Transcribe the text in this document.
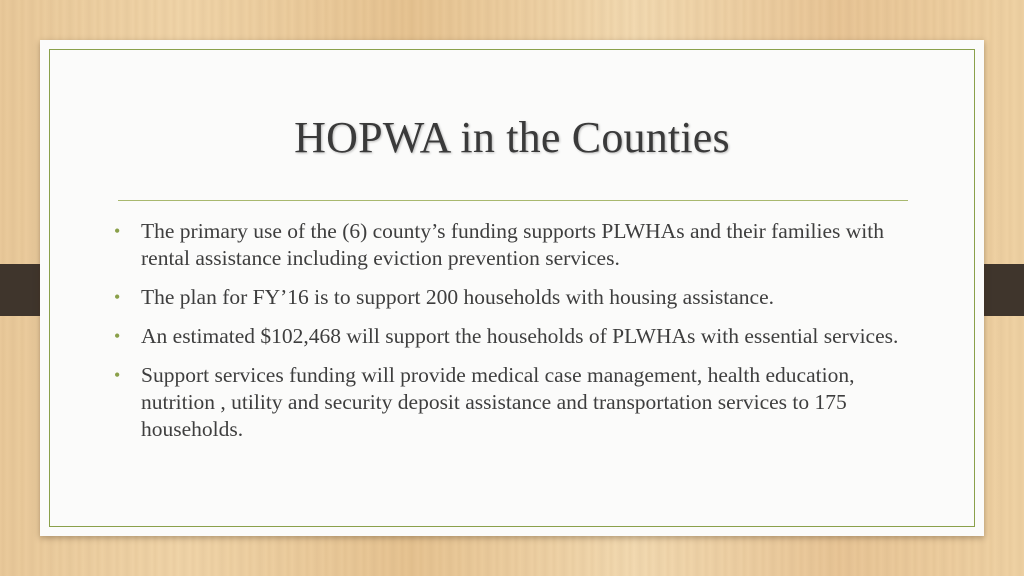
HOPWA in the Counties
• The primary use of the (6) county’s funding supports PLWHAs and their families with rental assistance including eviction prevention services.
• The plan for FY’16 is to support 200 households with housing assistance.
• An estimated $102,468 will support the households of PLWHAs with essential services.
• Support services funding will provide medical case management, health education, nutrition , utility and security deposit assistance and transportation services to 175 households.
